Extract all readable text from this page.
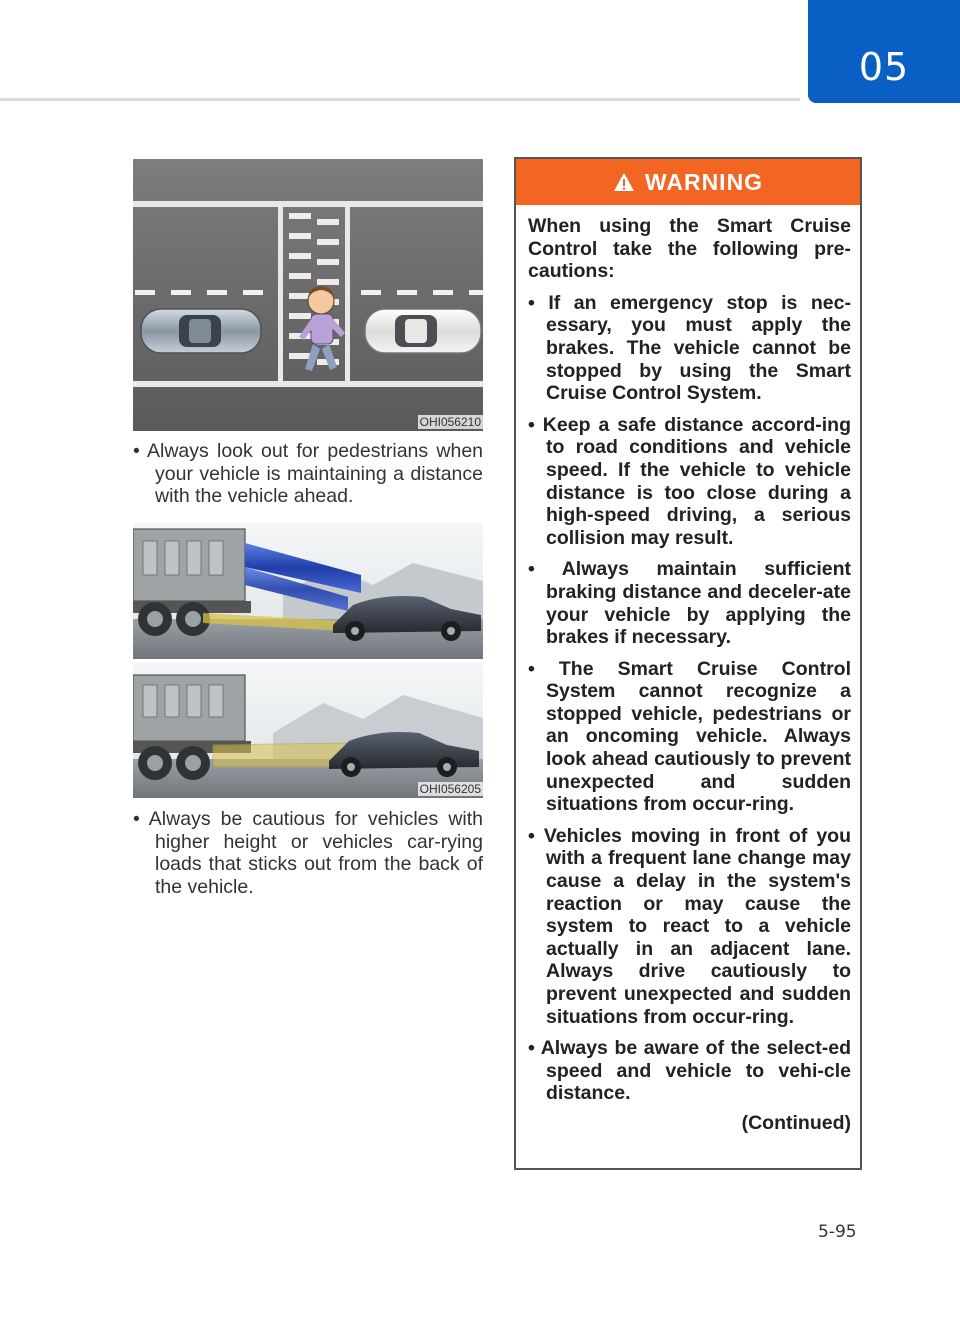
05
OHI056210
• Always look out for pedestrians when your vehicle is maintaining a distance with the vehicle ahead.
OHI056205
• Always be cautious for vehicles with higher height or vehicles car-rying loads that sticks out from the back of the vehicle.
WARNING

When using the Smart Cruise Control take the following pre-cautions:

• If an emergency stop is nec-essary, you must apply the brakes. The vehicle cannot be stopped by using the Smart Cruise Control System.
• Keep a safe distance accord-ing to road conditions and vehicle speed. If the vehicle to vehicle distance is too close during a high-speed driving, a serious collision may result.
• Always maintain sufficient braking distance and deceler-ate your vehicle by applying the brakes if necessary.
• The Smart Cruise Control System cannot recognize a stopped vehicle, pedestrians or an oncoming vehicle. Always look ahead cautiously to prevent unexpected and sudden situations from occur-ring.
• Vehicles moving in front of you with a frequent lane change may cause a delay in the system's reaction or may cause the system to react to a vehicle actually in an adjacent lane. Always drive cautiously to prevent unexpected and sudden situations from occur-ring.
• Always be aware of the select-ed speed and vehicle to vehi-cle distance.

(Continued)

5-95
